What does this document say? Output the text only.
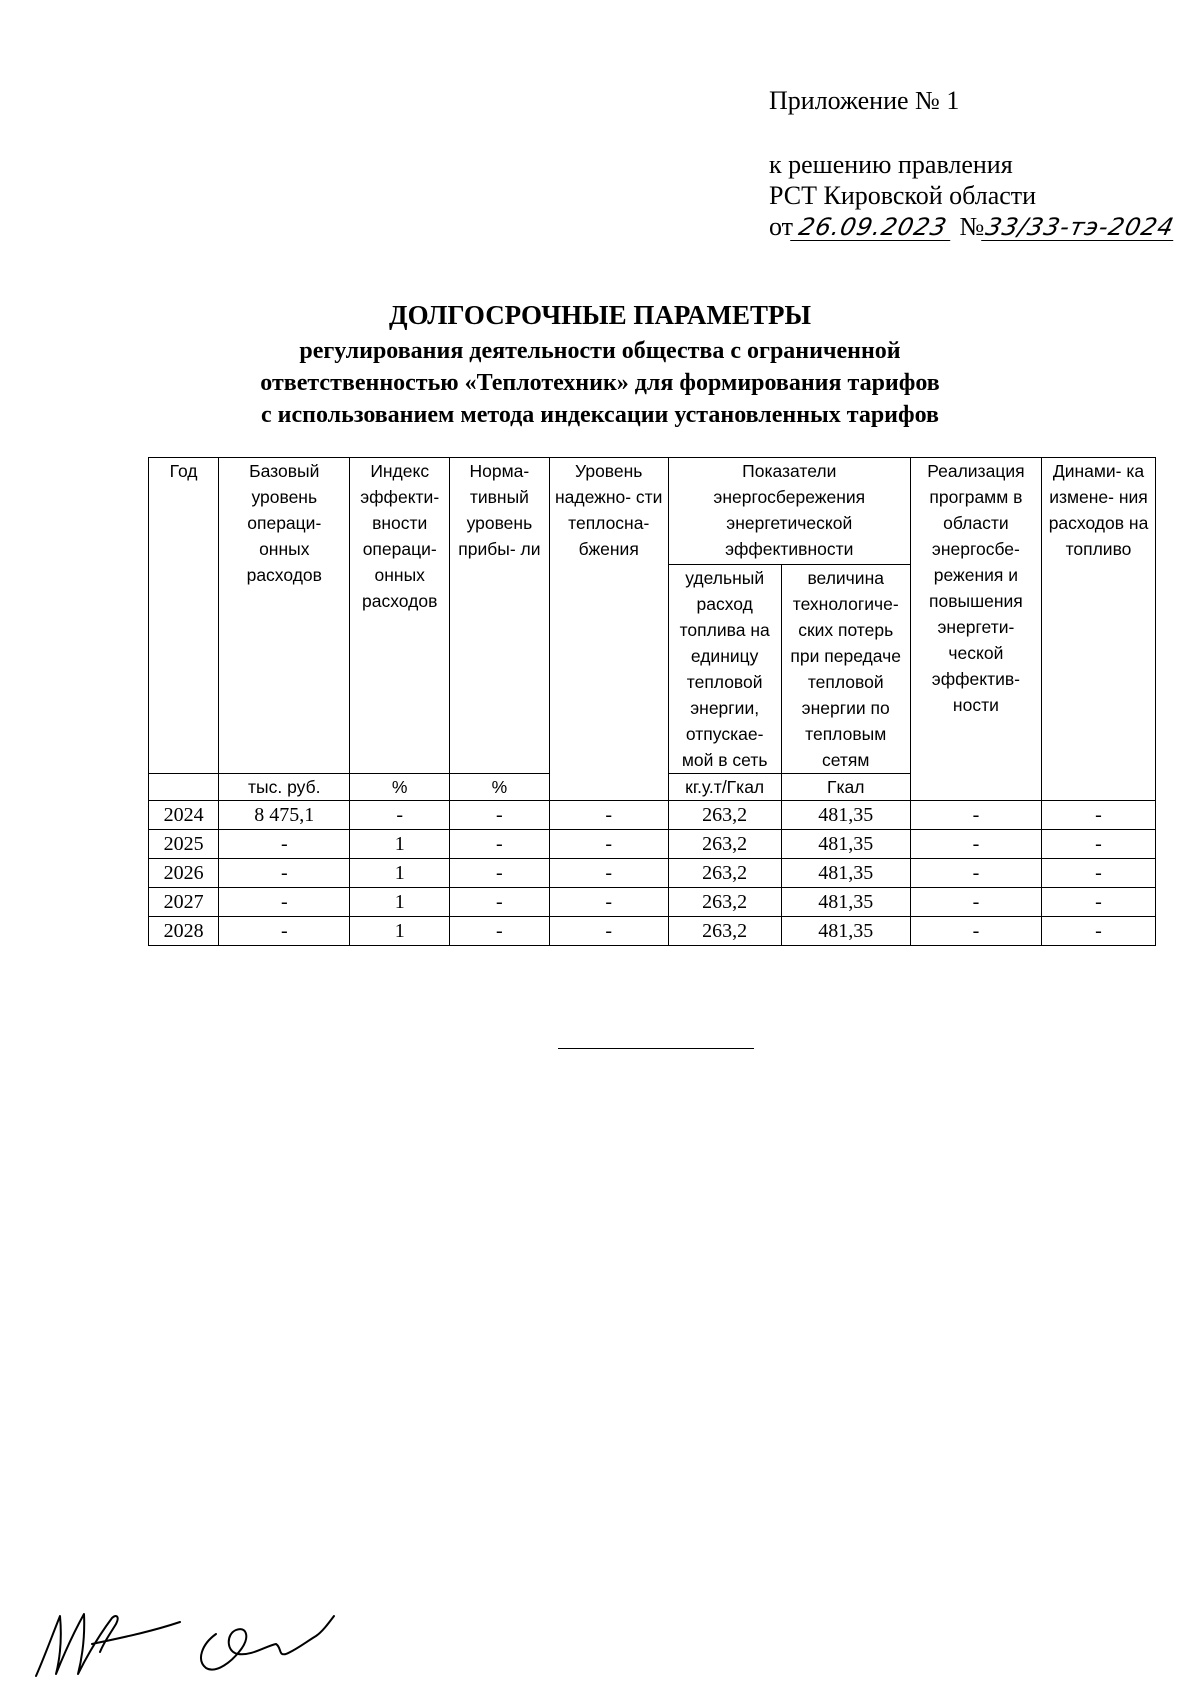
Приложение № 1
к решению правления
РСТ Кировской области
от 26.09.2023 №33/33-тэ-2024
ДОЛГОСРОЧНЫЕ ПАРАМЕТРЫ
регулирования деятельности общества с ограниченной
ответственностью «Теплотехник» для формирования тарифов
с использованием метода индексации установленных тарифов
Год	Базовый уровень операци- онных расходов	Индекс эффекти- вности операци- онных расходов	Норма- тивный уровень прибы- ли	Уровень надежно- сти теплосна- бжения	Показатели энергосбережения энергетической эффективности		Реализация программ в области энергосбе- режения и повышения энергети- ческой эффектив- ности	Динами- ка измене- ния расходов на топливо
					удельный расход топлива на единицу тепловой энергии, отпускае- мой в сеть	величина технологиче- ских потерь при передаче тепловой энергии по тепловым сетям		
	тыс. руб.	%	%		кг.у.т/Гкал	Гкал		
2024	8 475,1	-	-	-	263,2	481,35	-	-
2025	-	1	-	-	263,2	481,35	-	-
2026	-	1	-	-	263,2	481,35	-	-
2027	-	1	-	-	263,2	481,35	-	-
2028	-	1	-	-	263,2	481,35	-	-
